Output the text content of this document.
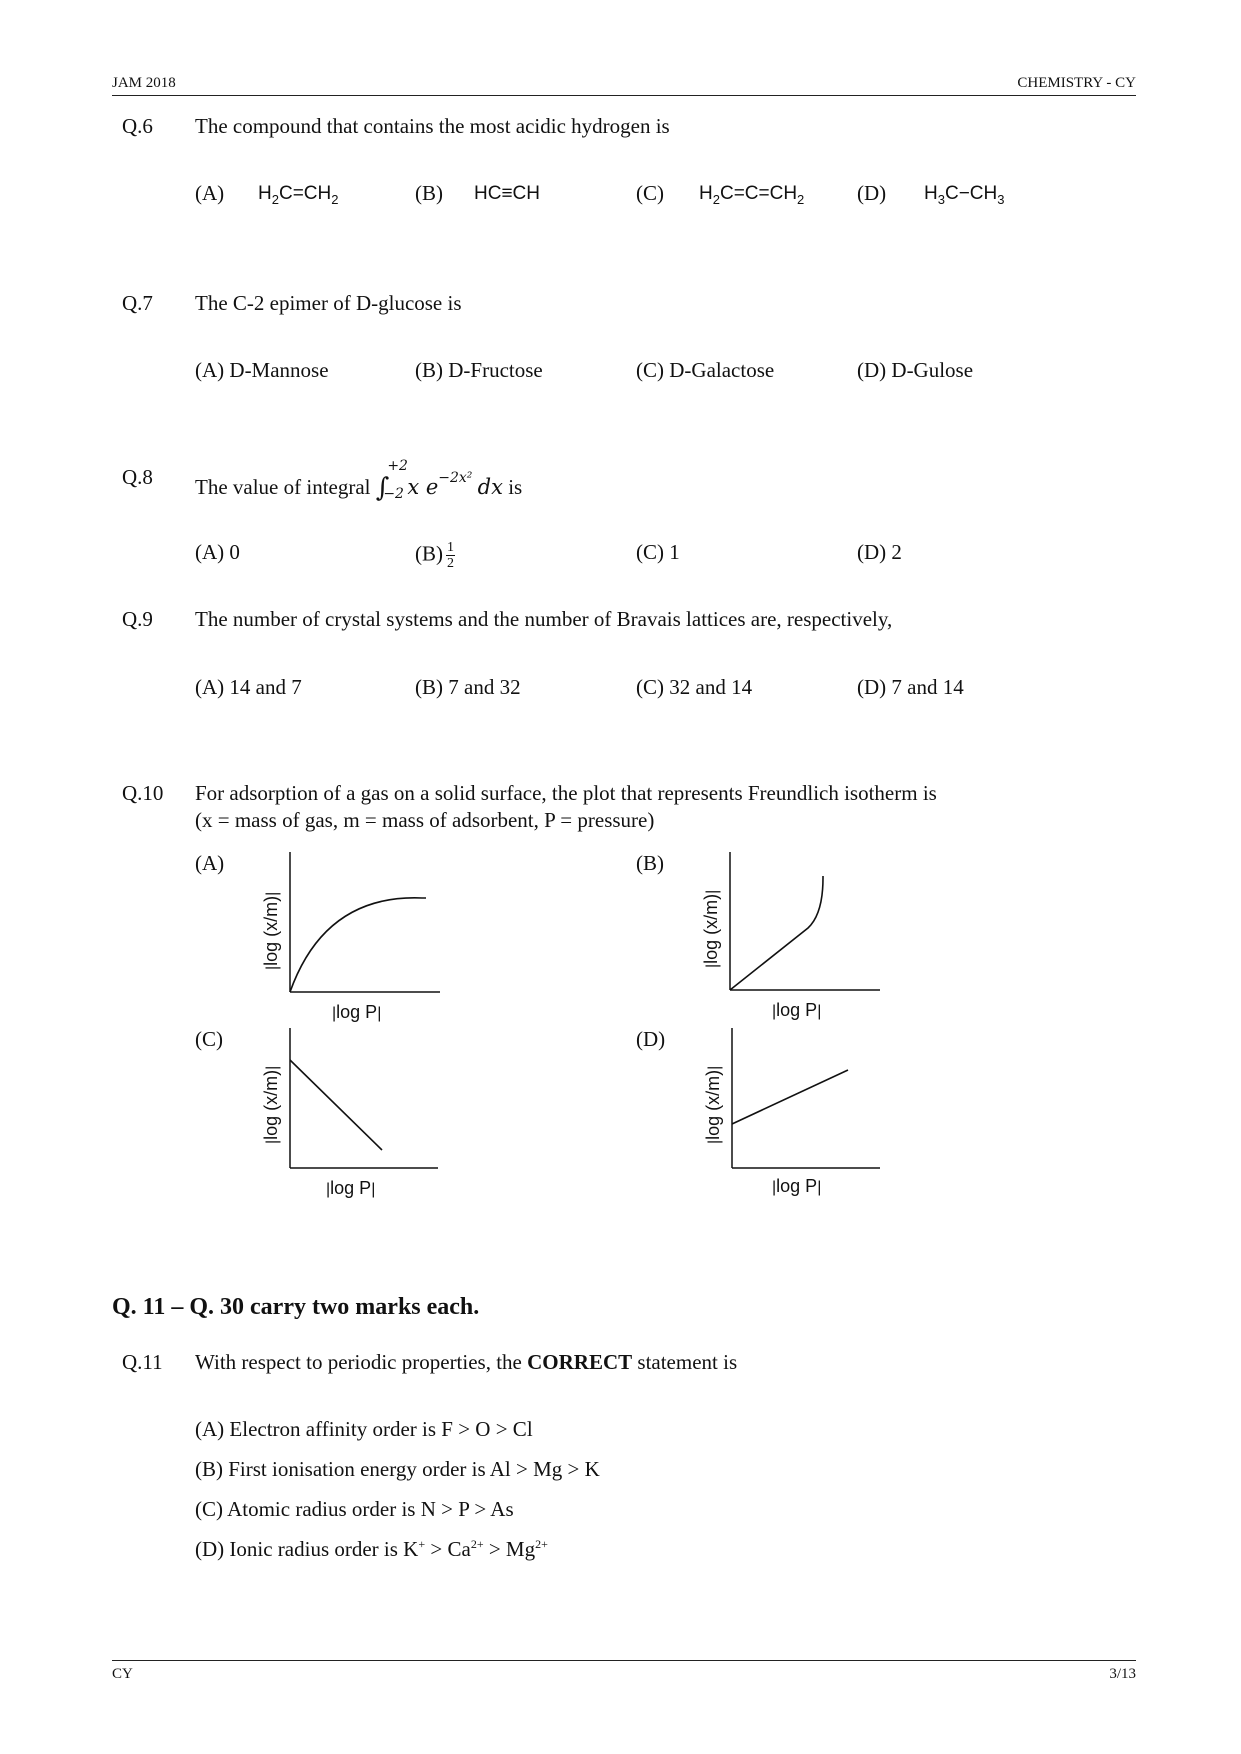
JAM 2018	CHEMISTRY - CY
Q.6 The compound that contains the most acidic hydrogen is
(A) $H_2C=CH_2$	(B) HC≡CH	(C) $H_2C=C=CH_2$	(D) $H_3C-CH_3$
Q.7 The C-2 epimer of D-glucose is
(A) D-Mannose	(B) D-Fructose	(C) D-Galactose	(D) D-Gulose
Q.8 The value of integral ∫
+2
−2 x $e^{-2x^2}$ dx is
(A) 0	$(B) \frac{1}{2}$	(C) 1	(D) 2
Q.9 The number of crystal systems and the number of Bravais lattices are, respectively,
(A) 14 and 7	(B) 7 and 32	(C) 32 and 14	(D) 7 and 14
Q.10 For adsorption of a gas on a solid surface, the plot that represents Freundlich isotherm is
(x = mass of gas, m = mass of adsorbent, P = pressure)
(A)	(B)
(C)	(D)
|log (x/m)|
|log P|
|log (x/m)|
|log P|
|log (x/m)|
|log P|
|log (x/m)|
|log P|
Q. 11 – Q. 30 carry two marks each.
Q.11 With respect to periodic properties, the CORRECT statement is
(A) Electron affinity order is F > O > Cl
(B) First ionisation energy order is Al > Mg > K
(C) Atomic radius order is N > P > As
(D) Ionic radius order is $K^+ > Ca^{2+} > Mg^{2+}$
CY	3/13
